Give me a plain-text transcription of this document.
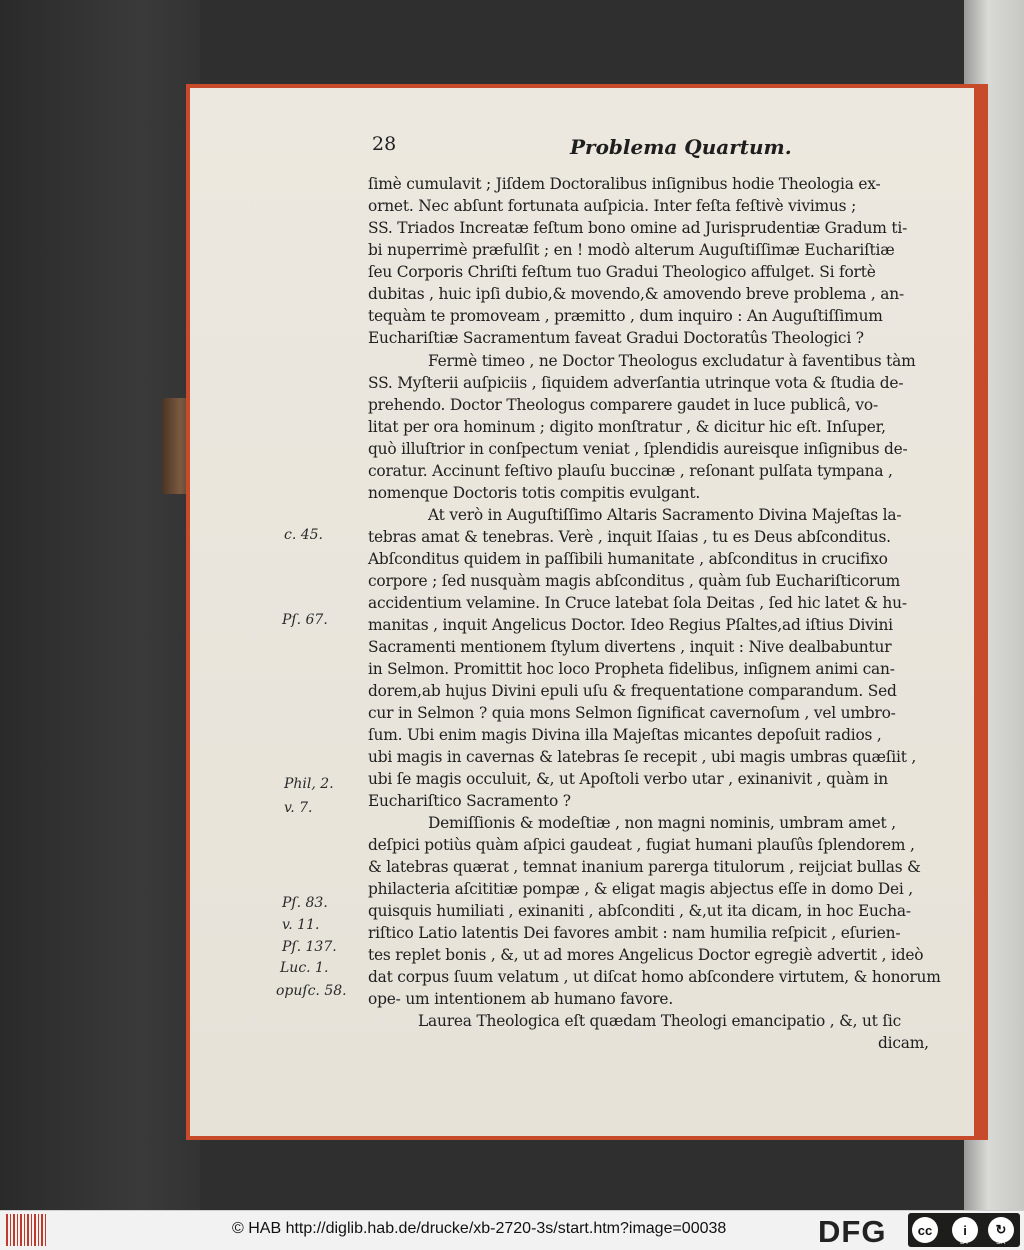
28	Problema Quartum.
ſimè cumulavit ; Jiſdem Doctoralibus inſignibus hodie Theologia ex-
ornet. Nec abſunt fortunata auſpicia. Inter feſta feſtivè vivimus ;
SS. Triados Increatæ feſtum bono omine ad Jurisprudentiæ Gradum ti-
bi nuperrimè præfulſit ; en ! modò alterum Auguſtiſſimæ Euchariſtiæ
ſeu Corporis Chriſti feſtum tuo Gradui Theologico affulget. Si fortè
dubitas , huic ipſi dubio,& movendo,& amovendo breve problema , an-
tequàm te promoveam , præmitto , dum inquiro : An Auguſtiſſimum
Euchariſtiæ Sacramentum faveat Gradui Doctoratûs Theologici ?
Fermè timeo , ne Doctor Theologus excludatur à faventibus tàm
SS. Myſterii auſpiciis , ſiquidem adverſantia utrinque vota & ſtudia de-
prehendo. Doctor Theologus comparere gaudet in luce publicâ, vo-
litat per ora hominum ; digito monſtratur , & dicitur hic eſt. Inſuper,
quò illuſtrior in conſpectum veniat , ſplendidis aureisque inſignibus de-
coratur. Accinunt feſtivo plauſu buccinæ , reſonant pulſata tympana ,
nomenque Doctoris totis compitis evulgant.
At verò in Auguſtiſſimo Altaris Sacramento Divina Majeſtas la-
tebras amat & tenebras. Verè , inquit Iſaias , tu es Deus abſconditus.
Abſconditus quidem in paſſibili humanitate , abſconditus in crucifixo
corpore ; ſed nusquàm magis abſconditus , quàm ſub Euchariſticorum
accidentium velamine. In Cruce latebat ſola Deitas , ſed hic latet & hu-
manitas , inquit Angelicus Doctor. Ideo Regius Pſaltes,ad iſtius Divini
Sacramenti mentionem ſtylum divertens , inquit : Nive dealbabuntur
in Selmon. Promittit hoc loco Propheta fidelibus, inſignem animi can-
dorem,ab hujus Divini epuli uſu & frequentatione comparandum. Sed
cur in Selmon ? quia mons Selmon ſignificat cavernoſum , vel umbro-
ſum. Ubi enim magis Divina illa Majeſtas micantes depoſuit radios ,
ubi magis in cavernas & latebras ſe recepit , ubi magis umbras quæſiit ,
ubi ſe magis occuluit, &, ut Apoſtoli verbo utar , exinanivit , quàm in
Euchariſtico Sacramento ?
Demiſſionis & modeſtiæ , non magni nominis, umbram amet ,
deſpici potiùs quàm aſpici gaudeat , fugiat humani plauſûs ſplendorem ,
& latebras quærat , temnat inanium parerga titulorum , reijciat bullas &
philacteria aſcititiæ pompæ , & eligat magis abjectus eſſe in domo Dei ,
quisquis humiliati , exinaniti , abſconditi , &,ut ita dicam, in hoc Eucha-
riſtico Latio latentis Dei favores ambit : nam humilia reſpicit , eſurien-
tes replet bonis , &, ut ad mores Angelicus Doctor egregiè advertit , ideò
dat corpus ſuum velatum , ut diſcat homo abſcondere virtutem, & honorum
ope- um intentionem ab humano favore.
Laurea Theologica eſt quædam Theologi emancipatio , &, ut ſic
dicam,
c. 45.
Pſ. 67.
Phil, 2.
v. 7.
Pſ. 83.
v. 11.
Pſ. 137.
Luc. 1.
opuſc. 58.
© HAB http://diglib.hab.de/drucke/xb-2720-3s/start.htm?image=00038	DFG	cc	i	↻
BY	SA
